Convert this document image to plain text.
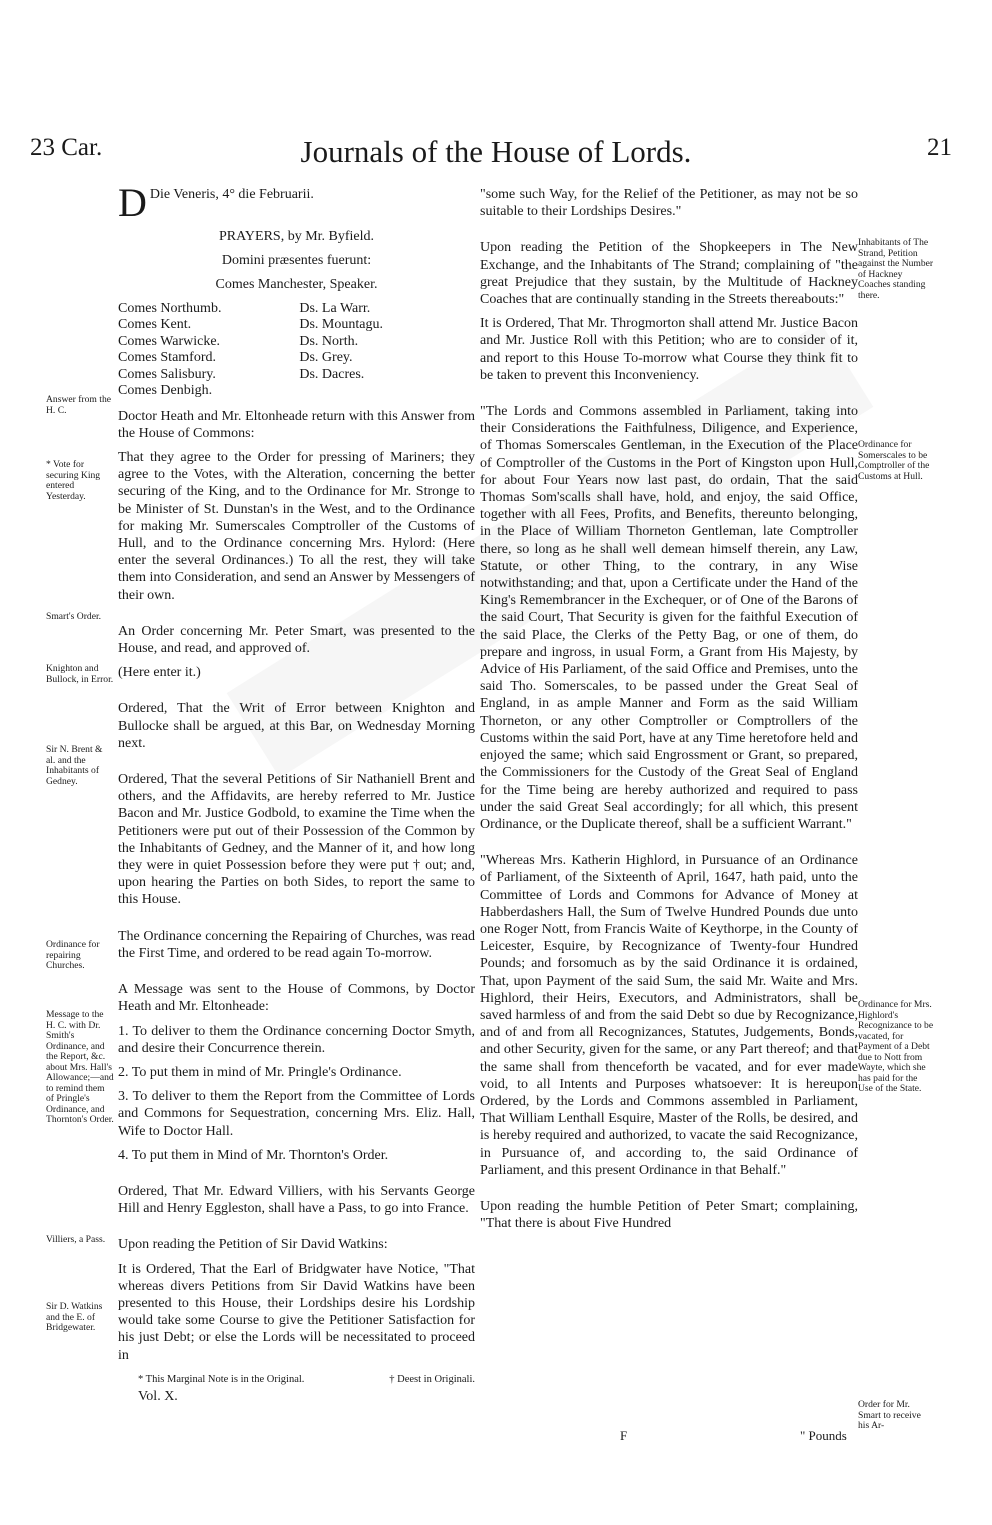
23 Car.	Journals of the House of Lords.	21
Answer from the H. C.
* Vote for securing King entered Yesterday.
Smart's Order.
Knighton and Bullock, in Error.
Sir N. Brent & al. and the Inhabitants of Gedney.
Ordinance for repairing Churches.
Message to the H. C. with Dr. Smith's Ordinance, and the Report, &c. about Mrs. Hall's Allowance;—and to remind them of Pringle's Ordinance, and Thornton's Order.
Villiers, a Pass.
Sir D. Watkins and the E. of Bridgewater.

D Die Veneris, 4° die Februarii.

PRAYERS, by Mr. Byfield.

Domini præsentes fuerunt:

Comes Manchester, Speaker.

Comes Northumb.
Comes Kent.
Comes Warwicke.
Comes Stamford.
Comes Salisbury.
Comes Denbigh.
Ds. La Warr.
Ds. Mountagu.
Ds. North.
Ds. Grey.
Ds. Dacres.

Doctor Heath and Mr. Eltonheade return with this Answer from the House of Commons:

That they agree to the Order for pressing of Mariners; they agree to the Votes, with the Alteration, concerning the better securing of the King, and to the Ordinance for Mr. Stronge to be Minister of St. Dunstan's in the West, and to the Ordinance for making Mr. Sumerscales Comptroller of the Customs of Hull, and to the Ordinance concerning Mrs. Hylord: (Here enter the several Ordinances.) To all the rest, they will take them into Consideration, and send an Answer by Messengers of their own.

An Order concerning Mr. Peter Smart, was presented to the House, and read, and approved of.

(Here enter it.)

Ordered, That the Writ of Error between Knighton and Bullocke shall be argued, at this Bar, on Wednesday Morning next.

Ordered, That the several Petitions of Sir Nathaniell Brent and others, and the Affidavits, are hereby referred to Mr. Justice Bacon and Mr. Justice Godbold, to examine the Time when the Petitioners were put out of their Possession of the Common by the Inhabitants of Gedney, and the Manner of it, and how long they were in quiet Possession before they were put † out; and, upon hearing the Parties on both Sides, to report the same to this House.

The Ordinance concerning the Repairing of Churches, was read the First Time, and ordered to be read again To-morrow.

A Message was sent to the House of Commons, by Doctor Heath and Mr. Eltonheade:

1. To deliver to them the Ordinance concerning Doctor Smyth, and desire their Concurrence therein.

2. To put them in mind of Mr. Pringle's Ordinance.

3. To deliver to them the Report from the Committee of Lords and Commons for Sequestration, concerning Mrs. Eliz. Hall, Wife to Doctor Hall.

4. To put them in Mind of Mr. Thornton's Order.

Ordered, That Mr. Edward Villiers, with his Servants George Hill and Henry Eggleston, shall have a Pass, to go into France.

Upon reading the Petition of Sir David Watkins:

It is Ordered, That the Earl of Bridgwater have Notice, "That whereas divers Petitions from Sir David Watkins have been presented to this House, their Lordships desire his Lordship would take some Course to give the Petitioner Satisfaction for his just Debt; or else the Lords will be necessitated to proceed in

* This Marginal Note is in the Original.	† Deest in Originali.
Vol. X.

"some such Way, for the Relief of the Petitioner, as may not be so suitable to their Lordships Desires."

Upon reading the Petition of the Shopkeepers in The New Exchange, and the Inhabitants of The Strand; complaining of "the great Prejudice that they sustain, by the Multitude of Hackney Coaches that are continually standing in the Streets thereabouts:"

It is Ordered, That Mr. Throgmorton shall attend Mr. Justice Bacon and Mr. Justice Roll with this Petition; who are to consider of it, and report to this House To-morrow what Course they think fit to be taken to prevent this Inconveniency.

"The Lords and Commons assembled in Parliament, taking into their Considerations the Faithfulness, Diligence, and Experience, of Thomas Somerscales Gentleman, in the Execution of the Place of Comptroller of the Customs in the Port of Kingston upon Hull, for about Four Years now last past, do ordain, That the said Thomas Som'scalls shall have, hold, and enjoy, the said Office, together with all Fees, Profits, and Benefits, thereunto belonging, in the Place of William Thorneton Gentleman, late Comptroller there, so long as he shall well demean himself therein, any Law, Statute, or other Thing, to the contrary, in any Wise notwithstanding; and that, upon a Certificate under the Hand of the King's Remembrancer in the Exchequer, or of One of the Barons of the said Court, That Security is given for the faithful Execution of the said Place, the Clerks of the Petty Bag, or one of them, do prepare and ingross, in usual Form, a Grant from His Majesty, by Advice of His Parliament, of the said Office and Premises, unto the said Tho. Somerscales, to be passed under the Great Seal of England, in as ample Manner and Form as the said William Thorneton, or any other Comptroller or Comptrollers of the Customs within the said Port, have at any Time heretofore held and enjoyed the same; which said Engrossment or Grant, so prepared, the Commissioners for the Custody of the Great Seal of England for the Time being are hereby authorized and required to pass under the said Great Seal accordingly; for all which, this present Ordinance, or the Duplicate thereof, shall be a sufficient Warrant."

"Whereas Mrs. Katherin Highlord, in Pursuance of an Ordinance of Parliament, of the Sixteenth of April, 1647, hath paid, unto the Committee of Lords and Commons for Advance of Money at Habberdashers Hall, the Sum of Twelve Hundred Pounds due unto one Roger Nott, from Francis Waite of Keythorpe, in the County of Leicester, Esquire, by Recognizance of Twenty-four Hundred Pounds; and forsomuch as by the said Ordinance it is ordained, That, upon Payment of the said Sum, the said Mr. Waite and Mrs. Highlord, their Heirs, Executors, and Administrators, shall be saved harmless of and from the said Debt so due by Recognizance, and of and from all Recognizances, Statutes, Judgements, Bonds, and other Security, given for the same, or any Part thereof; and that the same shall from thenceforth be vacated, and for ever made void, to all Intents and Purposes whatsoever: It is hereupon Ordered, by the Lords and Commons assembled in Parliament, That William Lenthall Esquire, Master of the Rolls, be desired, and is hereby required and authorized, to vacate the said Recognizance, in Pursuance of, and according to, the said Ordinance of Parliament, and this present Ordinance in that Behalf."

Upon reading the humble Petition of Peter Smart; complaining, "That there is about Five Hundred

Inhabitants of The Strand, Petition against the Number of Hackney Coaches standing there.
Ordinance for Somerscales to be Comptroller of the Customs at Hull.
Ordinance for Mrs. Highlord's Recognizance to be vacated, for Payment of a Debt due to Nott from Wayte, which she has paid for the Use of the State.
Order for Mr. Smart to receive his Ar-
F	" Pounds
